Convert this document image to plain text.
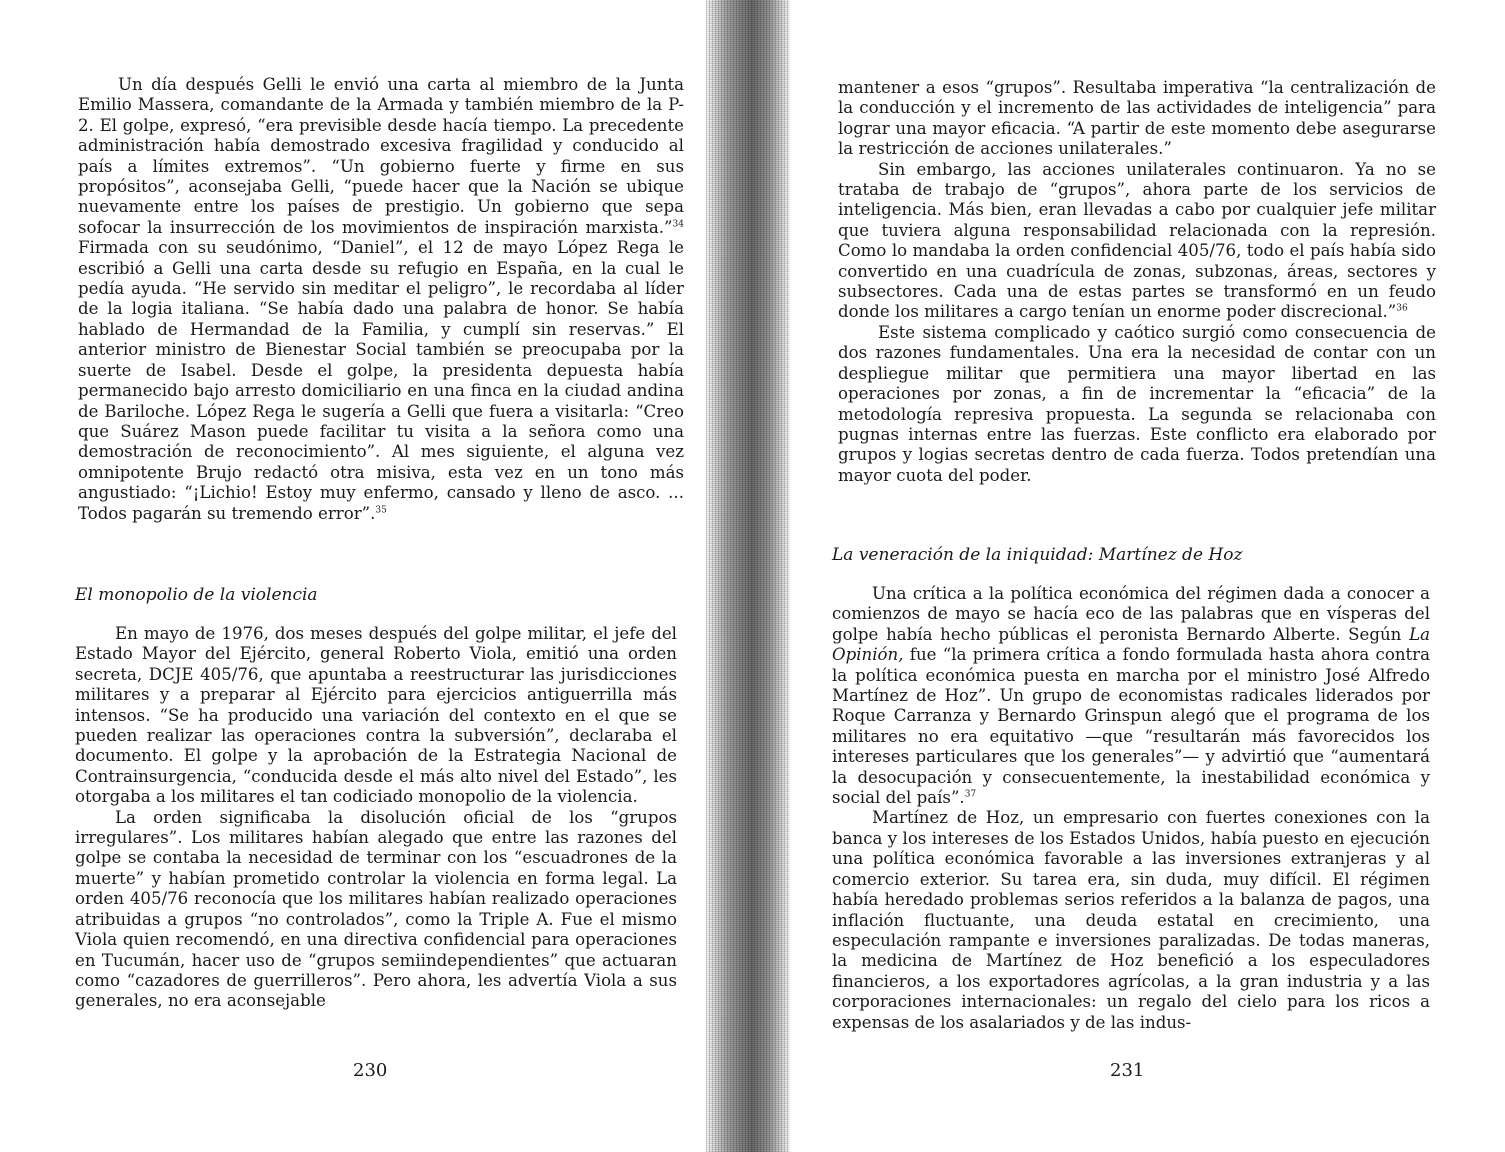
Un día después Gelli le envió una carta al miembro de la Junta Emilio Massera, comandante de la Armada y también miembro de la P-2. El golpe, expresó, “era previsible desde hacía tiempo. La precedente administración había demostrado excesiva fragilidad y conducido al país a límites extremos”. “Un gobierno fuerte y firme en sus propósitos”, aconsejaba Gelli, “puede hacer que la Nación se ubique nuevamente entre los países de prestigio. Un gobierno que sepa sofocar la insurrección de los movimientos de inspiración marxista.”$^{34}$ Firmada con su seudónimo, “Daniel”, el 12 de mayo López Rega le escribió a Gelli una carta desde su refugio en España, en la cual le pedía ayuda. “He servido sin meditar el peligro”, le recordaba al líder de la logia italiana. “Se había dado una palabra de honor. Se había hablado de Hermandad de la Familia, y cumplí sin reservas.” El anterior ministro de Bienestar Social también se preocupaba por la suerte de Isabel. Desde el golpe, la presidenta depuesta había permanecido bajo arresto domiciliario en una finca en la ciudad andina de Bariloche. López Rega le sugería a Gelli que fuera a visitarla: “Creo que Suárez Mason puede facilitar tu visita a la señora como una demostración de reconocimiento”. Al mes siguiente, el alguna vez omnipotente Brujo redactó otra misiva, esta vez en un tono más angustiado: “¡Lichio! Estoy muy enfermo, cansado y lleno de asco. ... Todos pagarán su tremendo error”.$^{35}$

El monopolio de la violencia

En mayo de 1976, dos meses después del golpe militar, el jefe del Estado Mayor del Ejército, general Roberto Viola, emitió una orden secreta, DCJE 405/76, que apuntaba a reestructurar las jurisdicciones militares y a preparar al Ejército para ejercicios antiguerrilla más intensos. “Se ha producido una variación del contexto en el que se pueden realizar las operaciones contra la subversión”, declaraba el documento. El golpe y la aprobación de la Estrategia Nacional de Contrainsurgencia, “conducida desde el más alto nivel del Estado”, les otorgaba a los militares el tan codiciado monopolio de la violencia.

La orden significaba la disolución oficial de los “grupos irregulares”. Los militares habían alegado que entre las razones del golpe se contaba la necesidad de terminar con los “escuadrones de la muerte” y habían prometido controlar la violencia en forma legal. La orden 405/76 reconocía que los militares habían realizado operaciones atribuidas a grupos “no controlados”, como la Triple A. Fue el mismo Viola quien recomendó, en una directiva confidencial para operaciones en Tucumán, hacer uso de “grupos semiindependientes” que actuaran como “cazadores de guerrilleros”. Pero ahora, les advertía Viola a sus generales, no era aconsejable

230

mantener a esos “grupos”. Resultaba imperativa “la centralización de la conducción y el incremento de las actividades de inteligencia” para lograr una mayor eficacia. “A partir de este momento debe asegurarse la restricción de acciones unilaterales.”

Sin embargo, las acciones unilaterales continuaron. Ya no se trataba de trabajo de “grupos”, ahora parte de los servicios de inteligencia. Más bien, eran llevadas a cabo por cualquier jefe militar que tuviera alguna responsabilidad relacionada con la represión. Como lo mandaba la orden confidencial 405/76, todo el país había sido convertido en una cuadrícula de zonas, subzonas, áreas, sectores y subsectores. Cada una de estas partes se transformó en un feudo donde los militares a cargo tenían un enorme poder discrecional.”$^{36}$

Este sistema complicado y caótico surgió como consecuencia de dos razones fundamentales. Una era la necesidad de contar con un despliegue militar que permitiera una mayor libertad en las operaciones por zonas, a fin de incrementar la “eficacia” de la metodología represiva propuesta. La segunda se relacionaba con pugnas internas entre las fuerzas. Este conflicto era elaborado por grupos y logias secretas dentro de cada fuerza. Todos pretendían una mayor cuota del poder.

La veneración de la iniquidad: Martínez de Hoz

Una crítica a la política económica del régimen dada a conocer a comienzos de mayo se hacía eco de las palabras que en vísperas del golpe había hecho públicas el peronista Bernardo Alberte. Según La Opinión, fue “la primera crítica a fondo formulada hasta ahora contra la política económica puesta en marcha por el ministro José Alfredo Martínez de Hoz”. Un grupo de economistas radicales liderados por Roque Carranza y Bernardo Grinspun alegó que el programa de los militares no era equitativo —que “resultarán más favorecidos los intereses particulares que los generales”— y advirtió que “aumentará la desocupación y consecuentemente, la inestabilidad económica y social del país”.$^{37}$

Martínez de Hoz, un empresario con fuertes conexiones con la banca y los intereses de los Estados Unidos, había puesto en ejecución una política económica favorable a las inversiones extranjeras y al comercio exterior. Su tarea era, sin duda, muy difícil. El régimen había heredado problemas serios referidos a la balanza de pagos, una inflación fluctuante, una deuda estatal en crecimiento, una especulación rampante e inversiones paralizadas. De todas maneras, la medicina de Martínez de Hoz benefició a los especuladores financieros, a los exportadores agrícolas, a la gran industria y a las corporaciones internacionales: un regalo del cielo para los ricos a expensas de los asalariados y de las indus-

231
